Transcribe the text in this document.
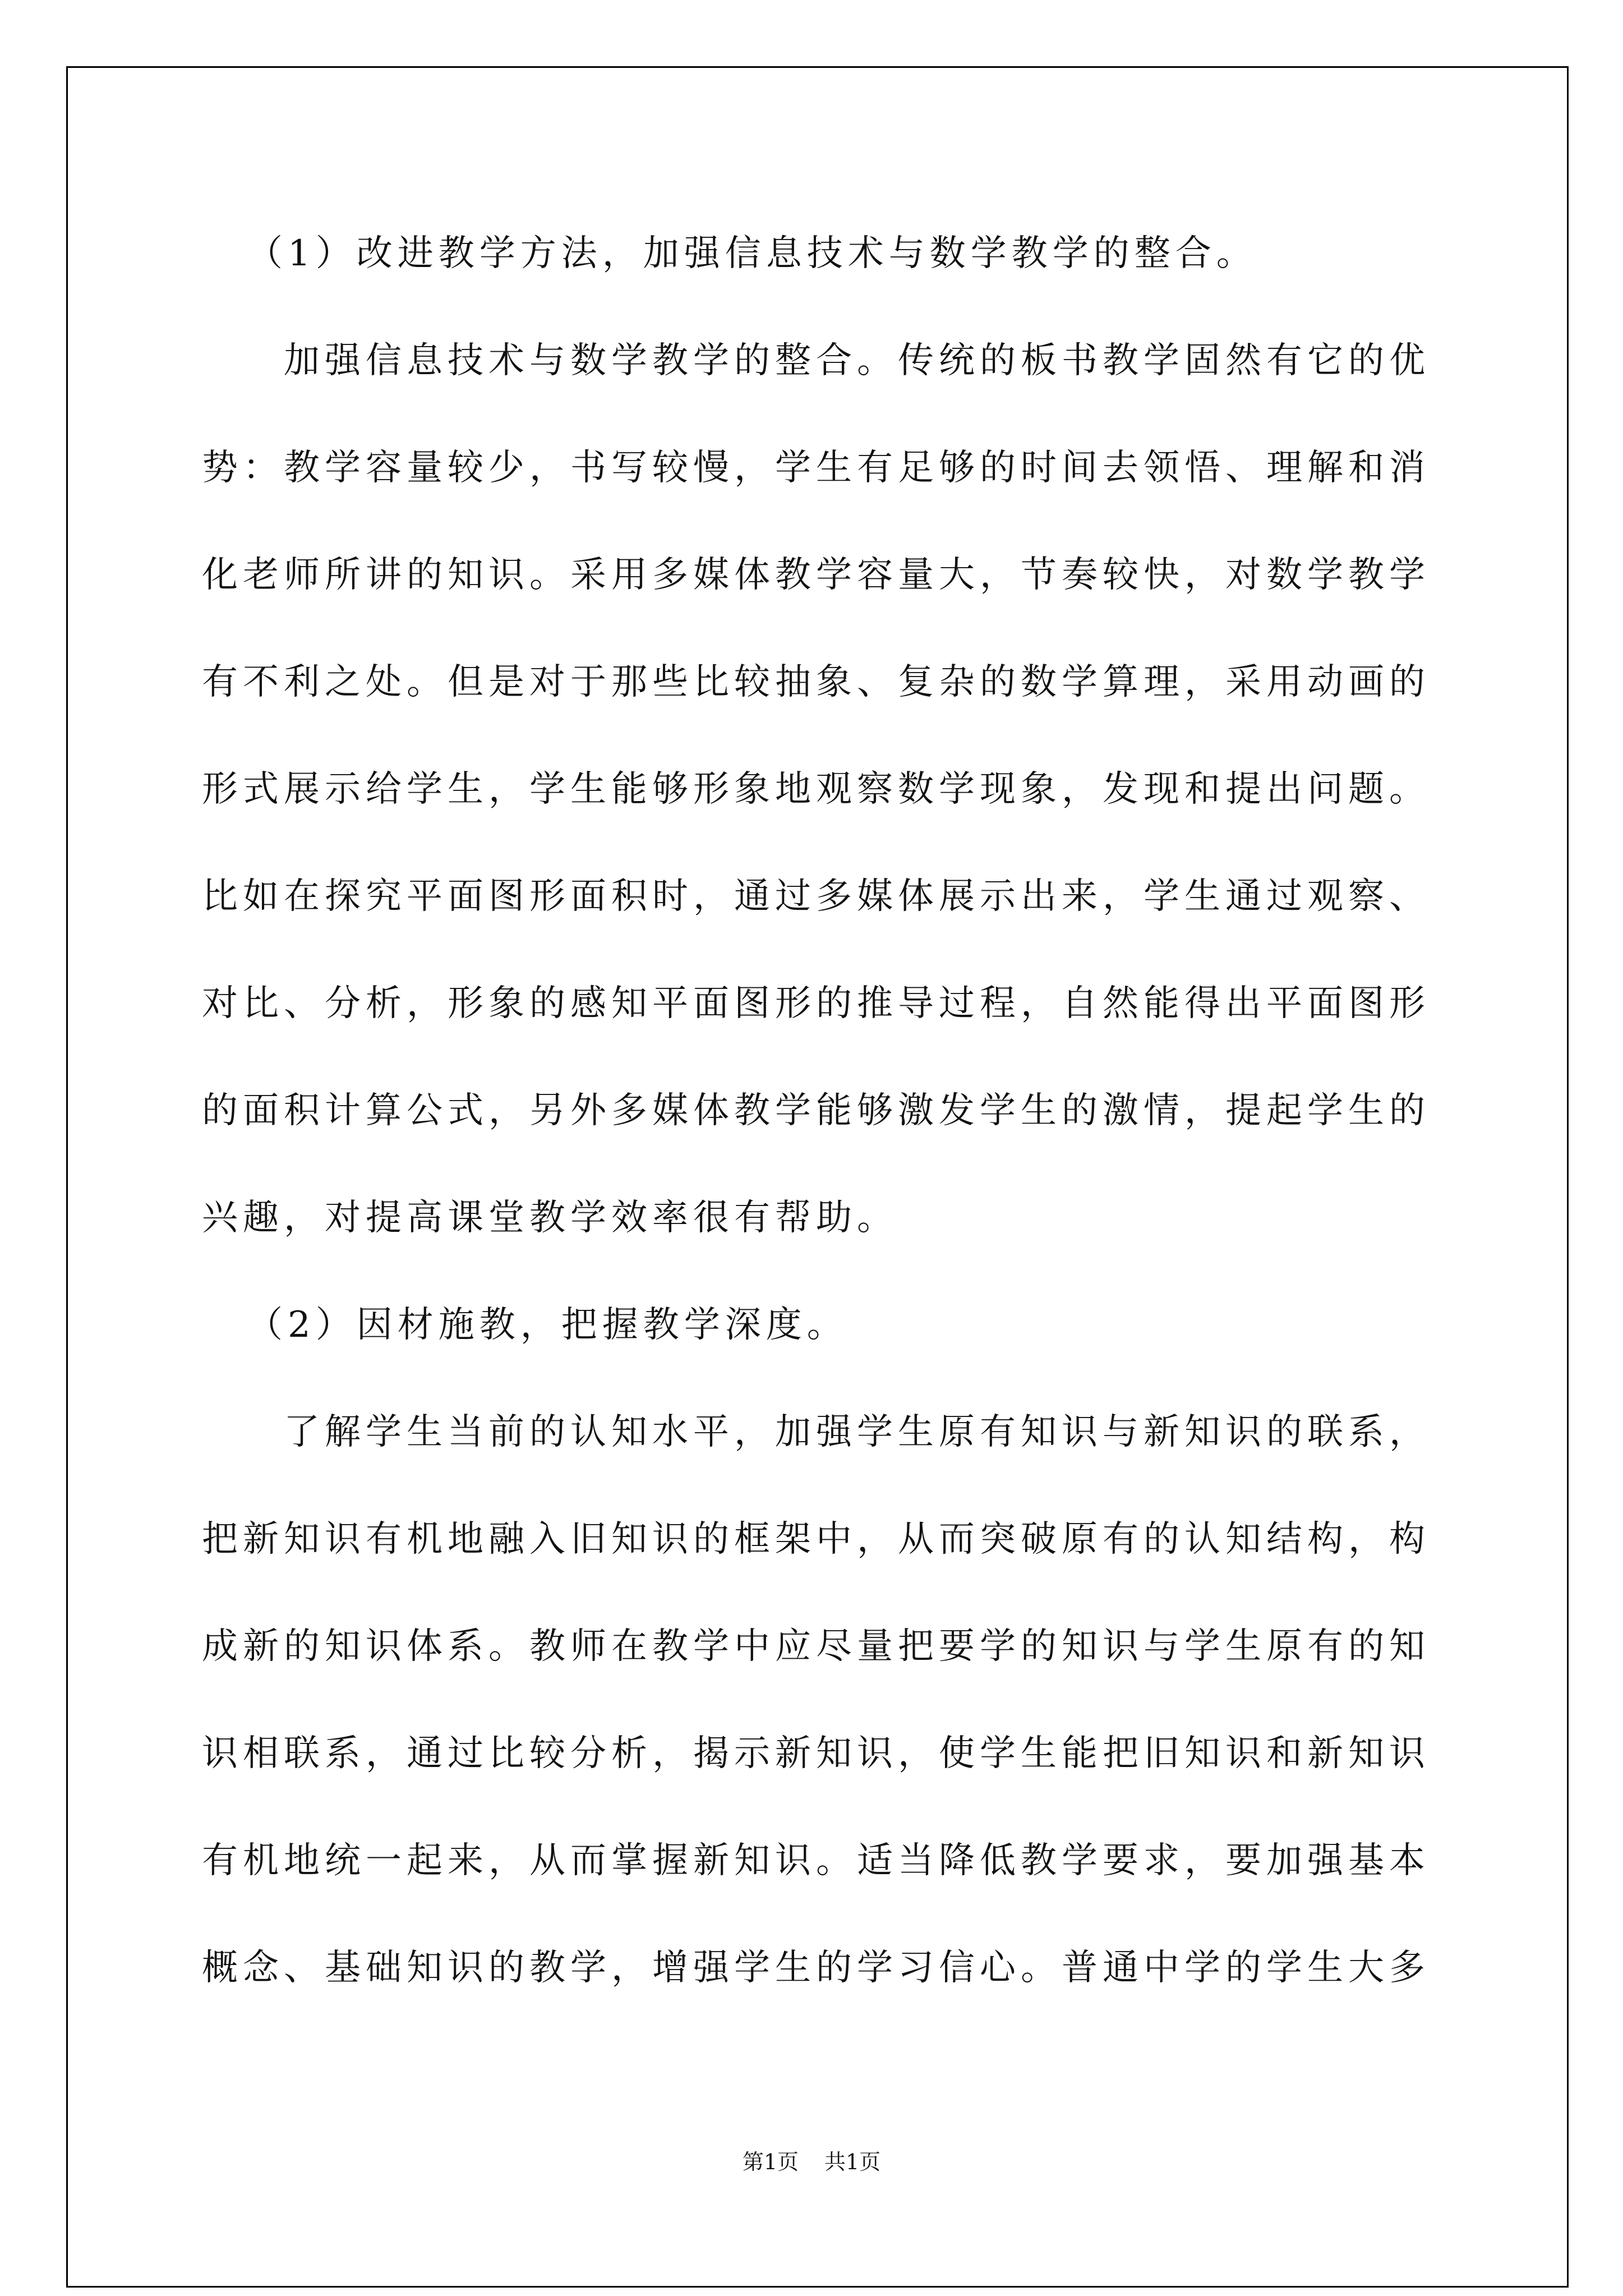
（1）改进教学方法，加强信息技术与数学教学的整合。
加强信息技术与数学教学的整合。传统的板书教学固然有它的优
势：教学容量较少，书写较慢，学生有足够的时间去领悟、理解和消
化老师所讲的知识。采用多媒体教学容量大，节奏较快，对数学教学
有不利之处。但是对于那些比较抽象、复杂的数学算理，采用动画的
形式展示给学生，学生能够形象地观察数学现象，发现和提出问题。
比如在探究平面图形面积时，通过多媒体展示出来，学生通过观察、
对比、分析，形象的感知平面图形的推导过程，自然能得出平面图形
的面积计算公式，另外多媒体教学能够激发学生的激情，提起学生的
兴趣，对提高课堂教学效率很有帮助。
（2）因材施教，把握教学深度。
了解学生当前的认知水平，加强学生原有知识与新知识的联系，
把新知识有机地融入旧知识的框架中，从而突破原有的认知结构，构
成新的知识体系。教师在教学中应尽量把要学的知识与学生原有的知
识相联系，通过比较分析，揭示新知识，使学生能把旧知识和新知识
有机地统一起来，从而掌握新知识。适当降低教学要求，要加强基本
概念、基础知识的教学，增强学生的学习信心。普通中学的学生大多
第1页 共1页
